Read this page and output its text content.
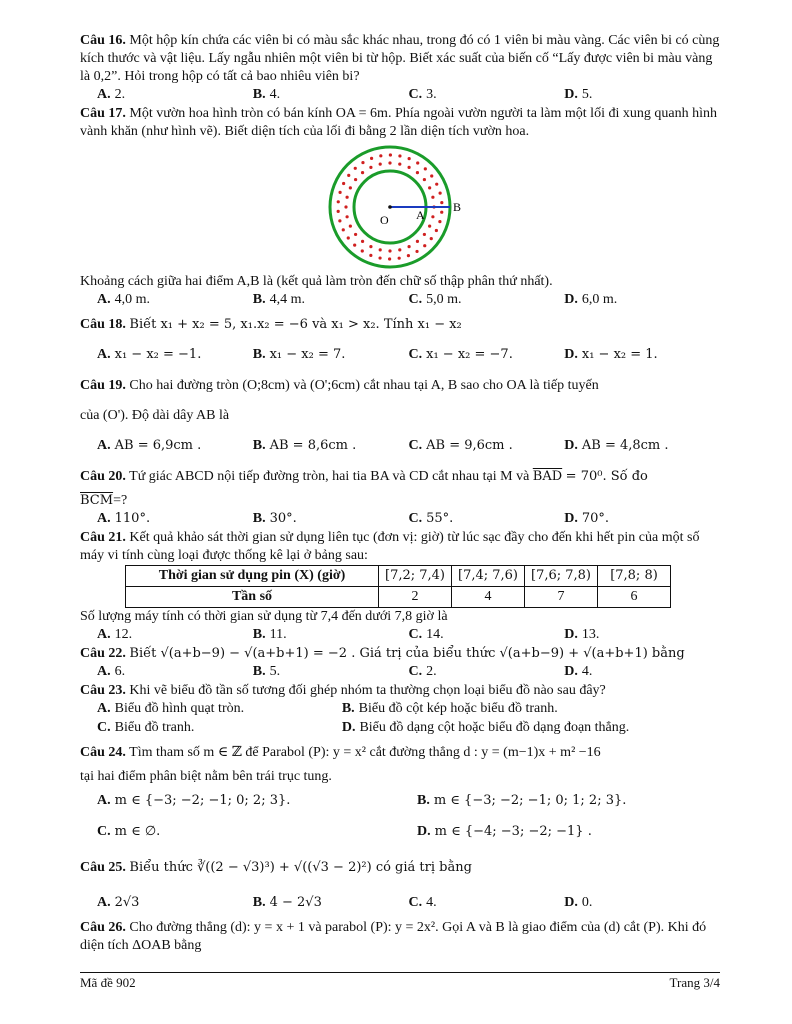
Câu 16. Một hộp kín chứa các viên bi có màu sắc khác nhau, trong đó có 1 viên bi màu vàng. Các viên bi có cùng kích thước và vật liệu. Lấy ngẫu nhiên một viên bi từ hộp. Biết xác suất của biến cố “Lấy được viên bi màu vàng là 0,2”. Hỏi trong hộp có tất cả bao nhiêu viên bi?

A. 2.	B. 4.	C. 3.	D. 5.

Câu 17. Một vườn hoa hình tròn có bán kính OA = 6m. Phía ngoài vườn người ta làm một lối đi xung quanh hình vành khăn (như hình vẽ). Biết diện tích của lối đi bằng 2 lần diện tích vườn hoa.

O A
B

Khoảng cách giữa hai điểm A,B là (kết quả làm tròn đến chữ số thập phân thứ nhất).

A. 4,0 m.	B. 4,4 m.	C. 5,0 m.	D. 6,0 m.

Câu 18. Biết x₁ + x₂ = 5, x₁.x₂ = −6 và x₁ > x₂. Tính x₁ − x₂

A. x₁ − x₂ = −1.	B. x₁ − x₂ = 7.	C. x₁ − x₂ = −7.	D. x₁ − x₂ = 1.

Câu 19. Cho hai đường tròn (O;8cm) và (O';6cm) cắt nhau tại A, B sao cho OA là tiếp tuyến

của (O'). Độ dài dây AB là

A. AB = 6,9cm .	B. AB = 8,6cm .	C. AB = 9,6cm .	D. AB = 4,8cm .

Câu 20. Tứ giác ABCD nội tiếp đường tròn, hai tia BA và CD cắt nhau tại M và $\overline{BAD} = 70^0$. Số đo

$\overline{BCM}=$?

A. 110°.	B. 30°.	C. 55°.	D. 70°.

Câu 21. Kết quả khảo sát thời gian sử dụng liên tục (đơn vị: giờ) từ lúc sạc đầy cho đến khi hết pin của một số máy vi tính cùng loại được thống kê lại ở bảng sau:

Thời gian sử dụng pin (X) (giờ)	[7,2; 7,4)	[7,4; 7,6)	[7,6; 7,8)	[7,8; 8)
Tần số	2	4	7	6

Số lượng máy tính có thời gian sử dụng từ 7,4 đến dưới 7,8 giờ là

A. 12.	B. 11.	C. 14.	D. 13.

Câu 22. Biết √(a+b−9) − √(a+b+1) = −2 . Giá trị của biểu thức √(a+b−9) + √(a+b+1) bằng

A. 6.	B. 5.	C. 2.	D. 4.

Câu 23. Khi vẽ biểu đồ tần số tương đối ghép nhóm ta thường chọn loại biểu đồ nào sau đây?

A. Biểu đồ hình quạt tròn.	B. Biểu đồ cột kép hoặc biểu đồ tranh.
C. Biểu đồ tranh.	D. Biểu đồ dạng cột hoặc biểu đồ dạng đoạn thẳng.

Câu 24. Tìm tham số m ∈ ℤ để Parabol (P): y = x² cắt đường thẳng d : y = (m−1)x + m² −16

tại hai điểm phân biệt nằm bên trái trục tung.

A. m ∈ {−3; −2; −1; 0; 2; 3}.	B. m ∈ {−3; −2; −1; 0; 1; 2; 3}.
C. m ∈ ∅.	D. m ∈ {−4; −3; −2; −1} .

Câu 25. Biểu thức ∛((2 − √3)³) + √((√3 − 2)²) có giá trị bằng

A. 2√3	B. 4 − 2√3	C. 4.	D. 0.

Câu 26. Cho đường thẳng (d): y = x + 1 và parabol (P): y = 2x². Gọi A và B là giao điểm của (d) cắt (P). Khi đó diện tích ΔOAB bằng

Mã đề 902	Trang 3/4
